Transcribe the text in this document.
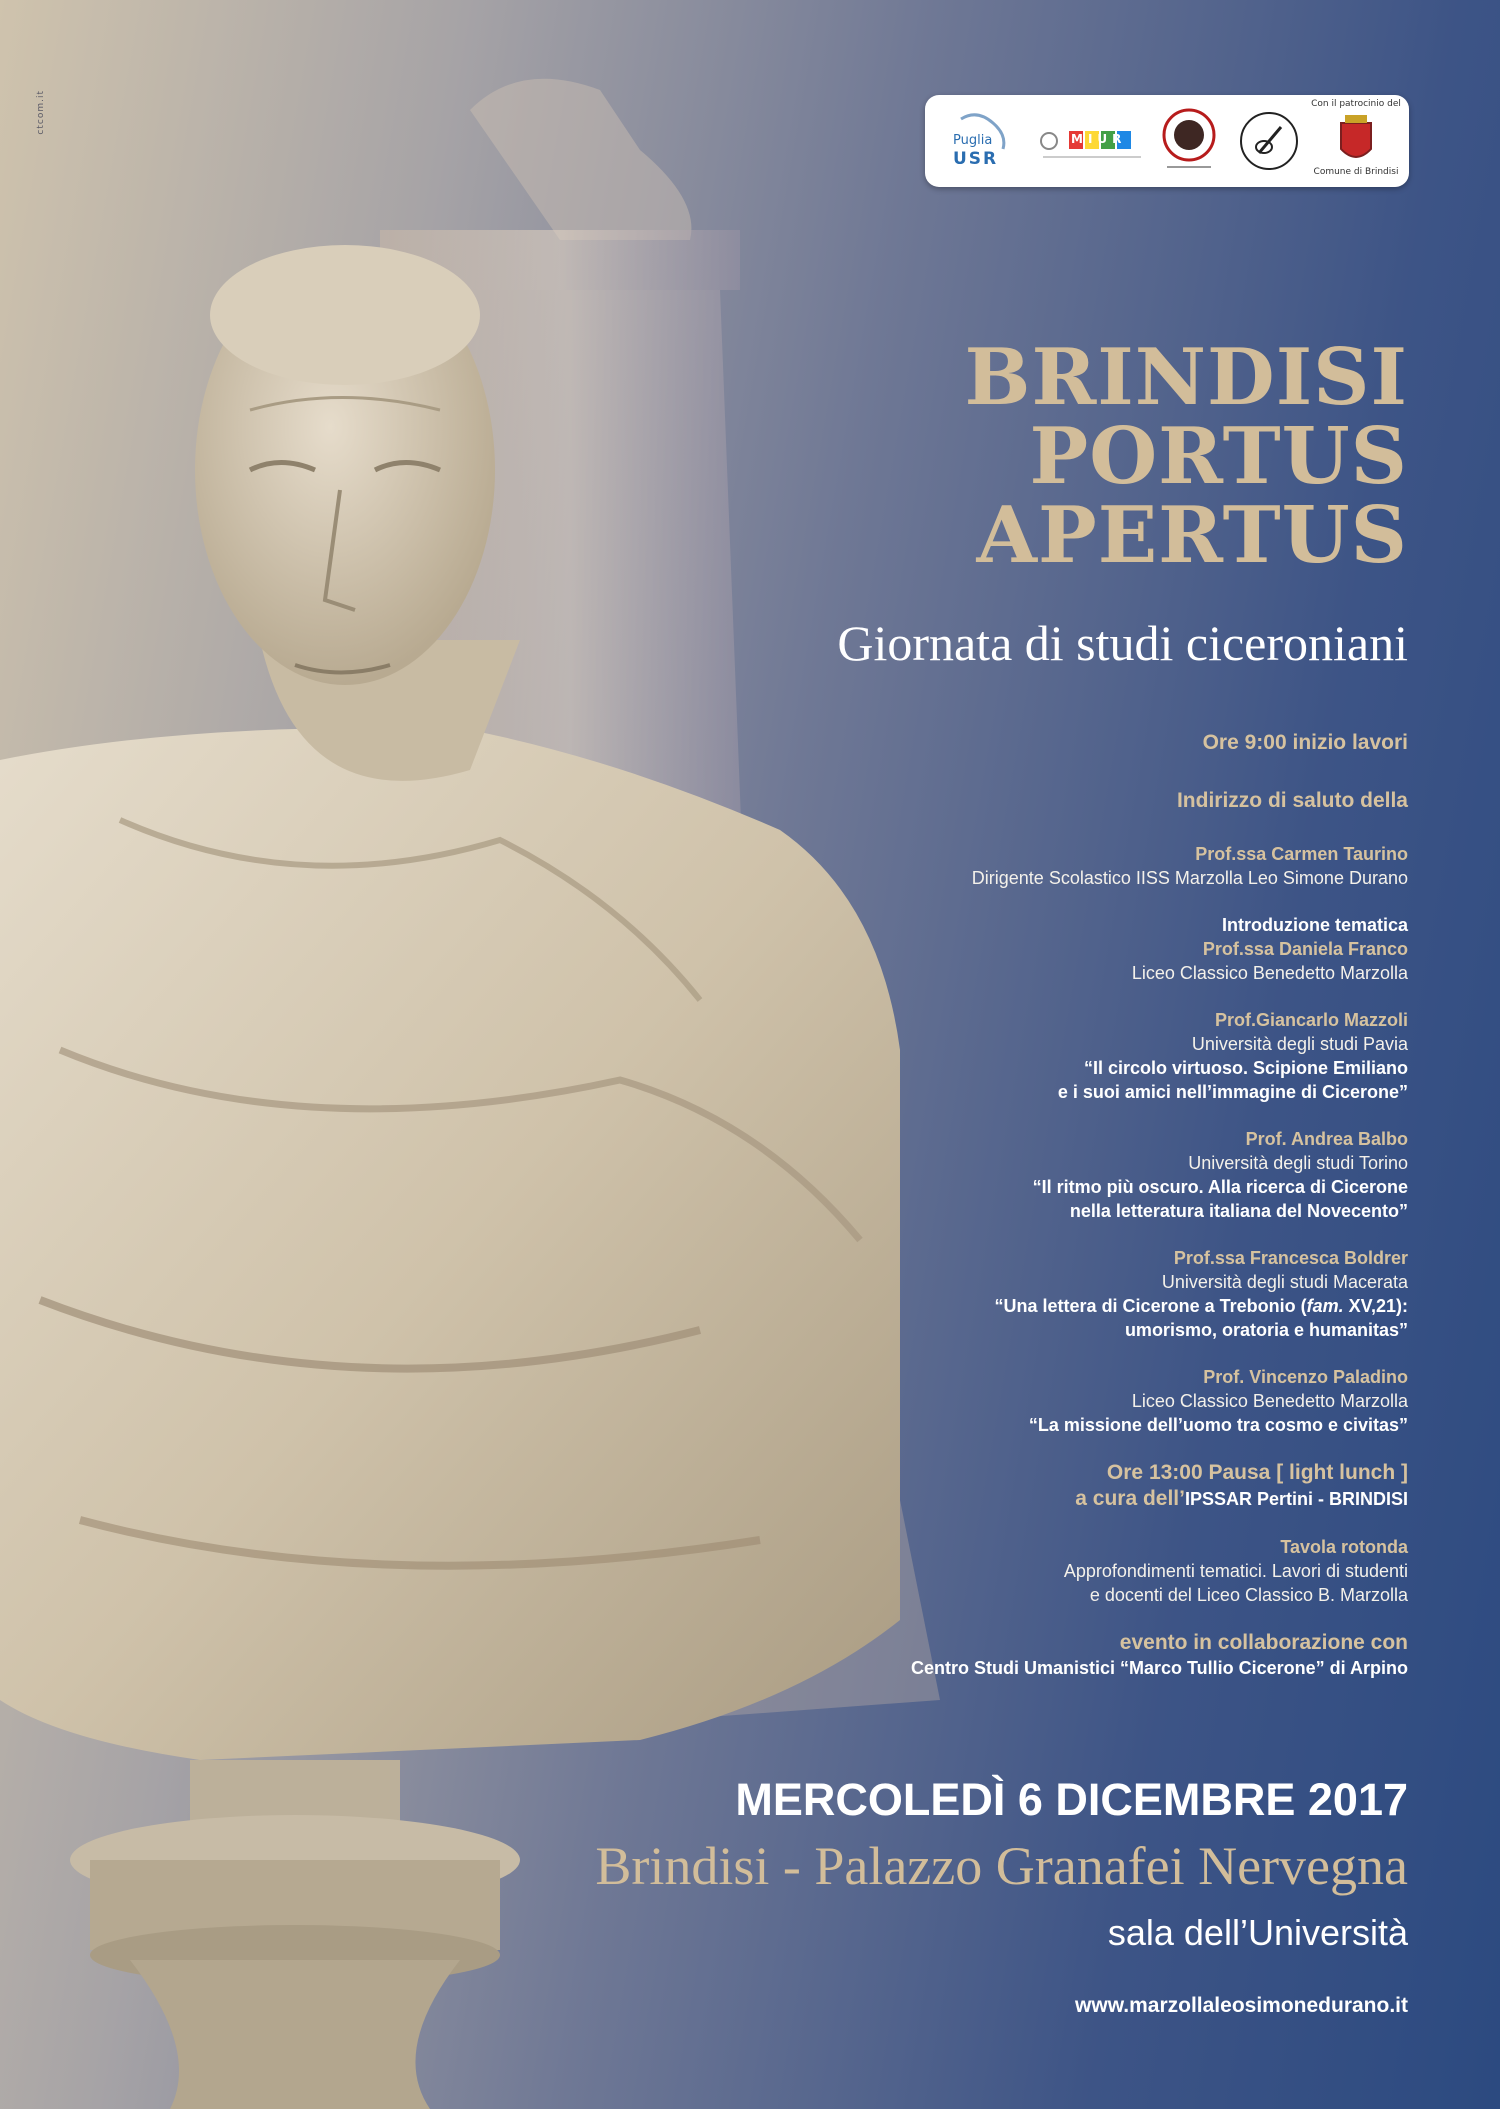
ctcom.it
Puglia
USR
MIUR
Con il patrocinio del
Comune di Brindisi
BRINDISI
PORTUS
APERTUS
Giornata di studi ciceroniani
Ore 9:00 inizio lavori
Indirizzo di saluto della
Prof.ssa Carmen Taurino
Dirigente Scolastico IISS Marzolla Leo Simone Durano
Introduzione tematica
Prof.ssa Daniela Franco
Liceo Classico Benedetto Marzolla
Prof.Giancarlo Mazzoli
Università degli studi Pavia
“Il circolo virtuoso. Scipione Emiliano
e i suoi amici nell’immagine di Cicerone”
Prof. Andrea Balbo
Università degli studi Torino
“Il ritmo più oscuro. Alla ricerca di Cicerone
nella letteratura italiana del Novecento”
Prof.ssa Francesca Boldrer
Università degli studi Macerata
“Una lettera di Cicerone a Trebonio (fam. XV,21):
umorismo, oratoria e humanitas”
Prof. Vincenzo Paladino
Liceo Classico Benedetto Marzolla
“La missione dell’uomo tra cosmo e civitas”
Ore 13:00 Pausa [ light lunch ]
a cura dell’IPSSAR Pertini - BRINDISI
Tavola rotonda
Approfondimenti tematici. Lavori di studenti
e docenti del Liceo Classico B. Marzolla
evento in collaborazione con
Centro Studi Umanistici “Marco Tullio Cicerone” di Arpino
MERCOLEDÌ 6 DICEMBRE 2017
Brindisi - Palazzo Granafei Nervegna
sala dell’Università
www.marzollaleosimonedurano.it
